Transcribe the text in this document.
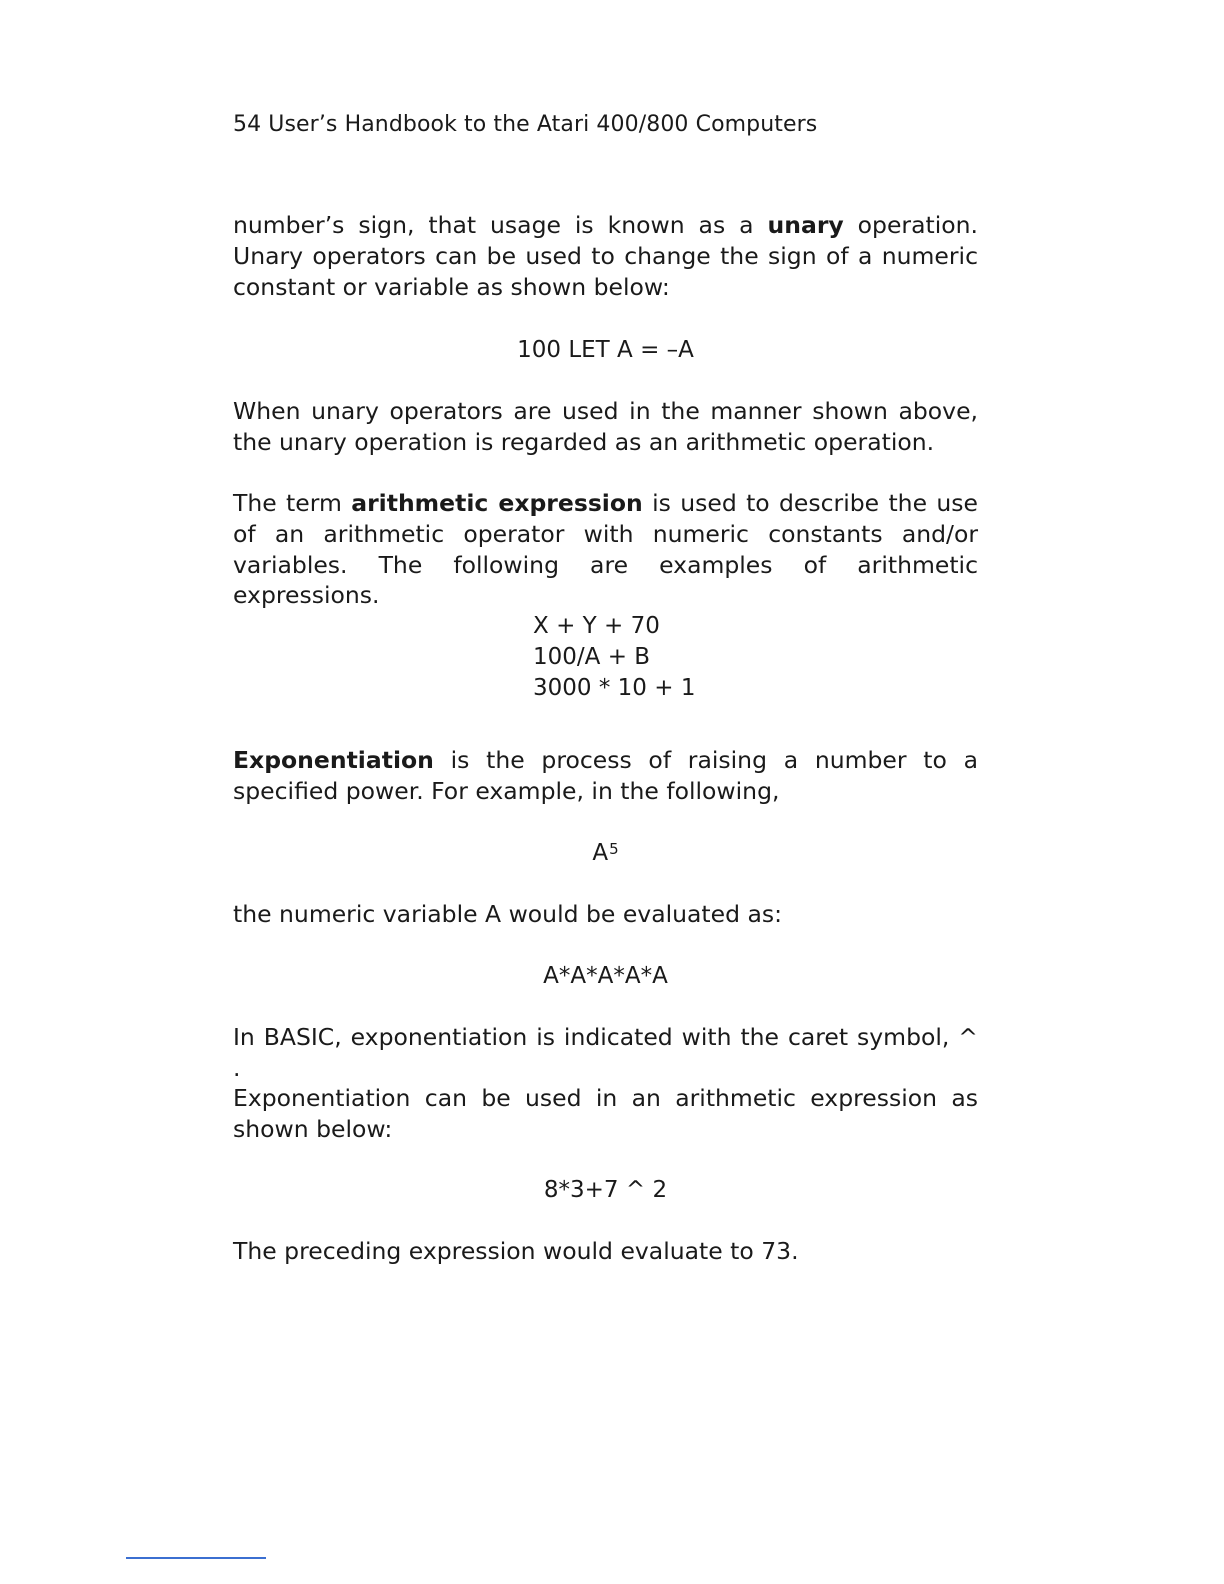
54 User’s Handbook to the Atari 400/800 Computers

number’s sign, that usage is known as a unary operation. Unary operators can be used to change the sign of a numeric constant or variable as shown below:

100 LET A = –A

When unary operators are used in the manner shown above, the unary operation is regarded as an arithmetic operation.

The term arithmetic expression is used to describe the use of an arithmetic operator with numeric constants and/or variables. The following are examples of arithmetic expressions.

X + Y + 70
100/A + B
3000 * 10 + 1

Exponentiation is the process of raising a number to a specified power. For example, in the following,

$A^5$

the numeric variable A would be evaluated as:

A*A*A*A*A

In BASIC, exponentiation is indicated with the caret symbol, ^ .

Exponentiation can be used in an arithmetic expression as shown below:

8*3+7 ^ 2

The preceding expression would evaluate to 73.
